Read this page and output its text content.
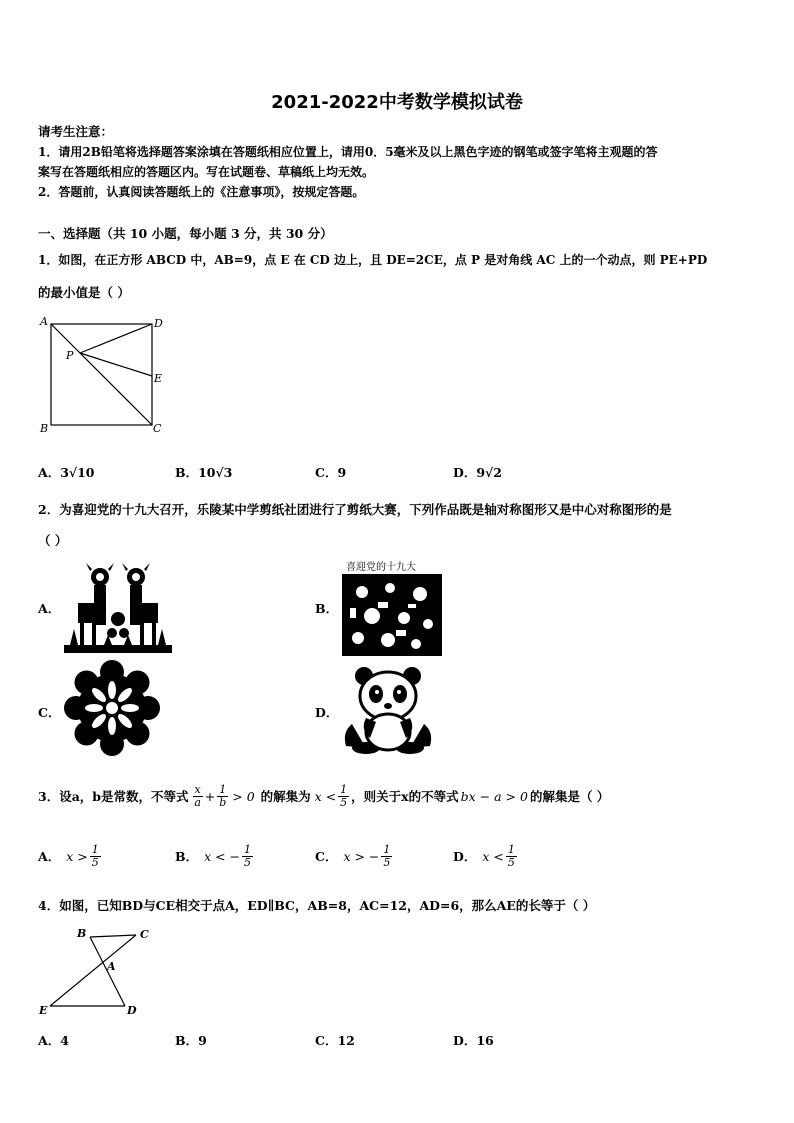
2021-2022中考数学模拟试卷
请考生注意：
1．请用2B铅笔将选择题答案涂填在答题纸相应位置上，请用0．5毫米及以上黑色字迹的钢笔或签字笔将主观题的答
案写在答题纸相应的答题区内。写在试题卷、草稿纸上均无效。
2．答题前，认真阅读答题纸上的《注意事项》，按规定答题。
一、选择题（共 10 小题，每小题 3 分，共 30 分）
1．如图，在正方形 ABCD 中，AB=9，点 E 在 CD 边上，且 DE=2CE，点 P 是对角线 AC 上的一个动点，则 PE+PD
的最小值是（ ）
A	D
P
E
B	C
A．3√10	B．10√3	C．9	D．9√2
2．为喜迎党的十九大召开，乐陵某中学剪纸社团进行了剪纸大赛，下列作品既是轴对称图形又是中心对称图形的是
（ ）
A．	B．
喜迎党的十九大
C．	D．
3．设a，b是常数，不等式 $\frac{x}{a} + \frac{1}{b} > 0$ 的解集为 $x < \frac{1}{5}$ ，则关于x的不等式 bx − a > 0 的解集是（ ）
A． $x > \frac{1}{5}$	B． x < − $\frac{1}{5}$	C． x > − $\frac{1}{5}$	D． $x < \frac{1}{5}$
4．如图，已知BD与CE相交于点A，ED∥BC，AB=8，AC=12，AD=6，那么AE的长等于（ ）
B	C
A
E	D
A．4	B．9	C．12	D．16
